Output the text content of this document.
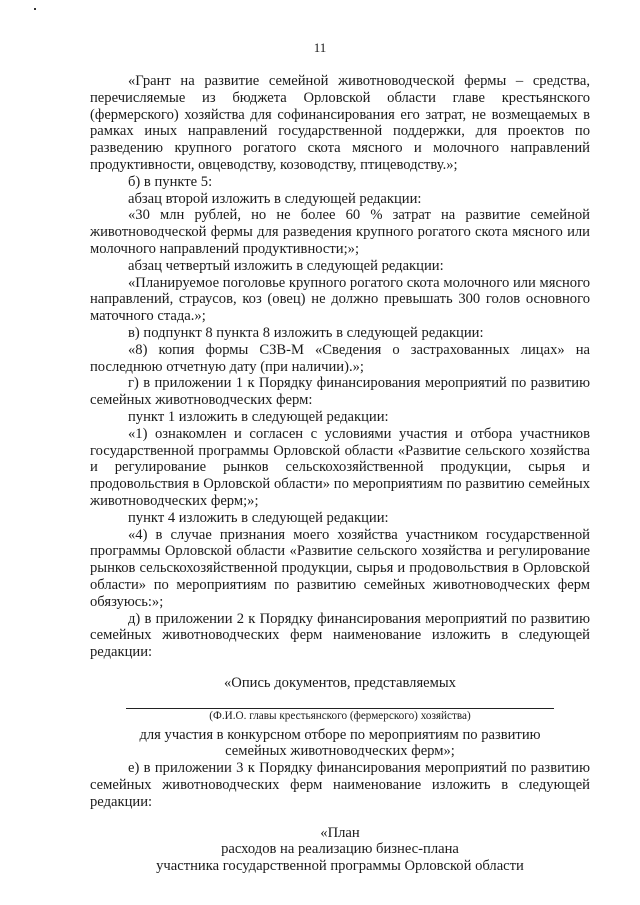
11

«Грант на развитие семейной животноводческой фермы – средства, перечисляемые из бюджета Орловской области главе крестьянского (фермерского) хозяйства для софинансирования его затрат, не возмещаемых в рамках иных направлений государственной поддержки, для проектов по разведению крупного рогатого скота мясного и молочного направлений продуктивности, овцеводству, козоводству, птицеводству.»;

б) в пункте 5:

абзац второй изложить в следующей редакции:

«30 млн рублей, но не более 60 % затрат на развитие семейной животноводческой фермы для разведения крупного рогатого скота мясного или молочного направлений продуктивности;»;

абзац четвертый изложить в следующей редакции:

«Планируемое поголовье крупного рогатого скота молочного или мясного направлений, страусов, коз (овец) не должно превышать 300 голов основного маточного стада.»;

в) подпункт 8 пункта 8 изложить в следующей редакции:

«8) копия формы СЗВ-М «Сведения о застрахованных лицах» на последнюю отчетную дату (при наличии).»;

г) в приложении 1 к Порядку финансирования мероприятий по развитию семейных животноводческих ферм:

пункт 1 изложить в следующей редакции:

«1) ознакомлен и согласен с условиями участия и отбора участников государственной программы Орловской области «Развитие сельского хозяйства и регулирование рынков сельскохозяйственной продукции, сырья и продовольствия в Орловской области» по мероприятиям по развитию семейных животноводческих ферм;»;

пункт 4 изложить в следующей редакции:

«4) в случае признания моего хозяйства участником государственной программы Орловской области «Развитие сельского хозяйства и регулирование рынков сельскохозяйственной продукции, сырья и продовольствия в Орловской области» по мероприятиям по развитию семейных животноводческих ферм обязуюсь:»;

д) в приложении 2 к Порядку финансирования мероприятий по развитию семейных животноводческих ферм наименование изложить в следующей редакции:

«Опись документов, представляемых

(Ф.И.О. главы крестьянского (фермерского) хозяйства)

для участия в конкурсном отборе по мероприятиям по развитию

семейных животноводческих ферм»;

е) в приложении 3 к Порядку финансирования мероприятий по развитию семейных животноводческих ферм наименование изложить в следующей редакции:

«План

расходов на реализацию бизнес-плана

участника государственной программы Орловской области
